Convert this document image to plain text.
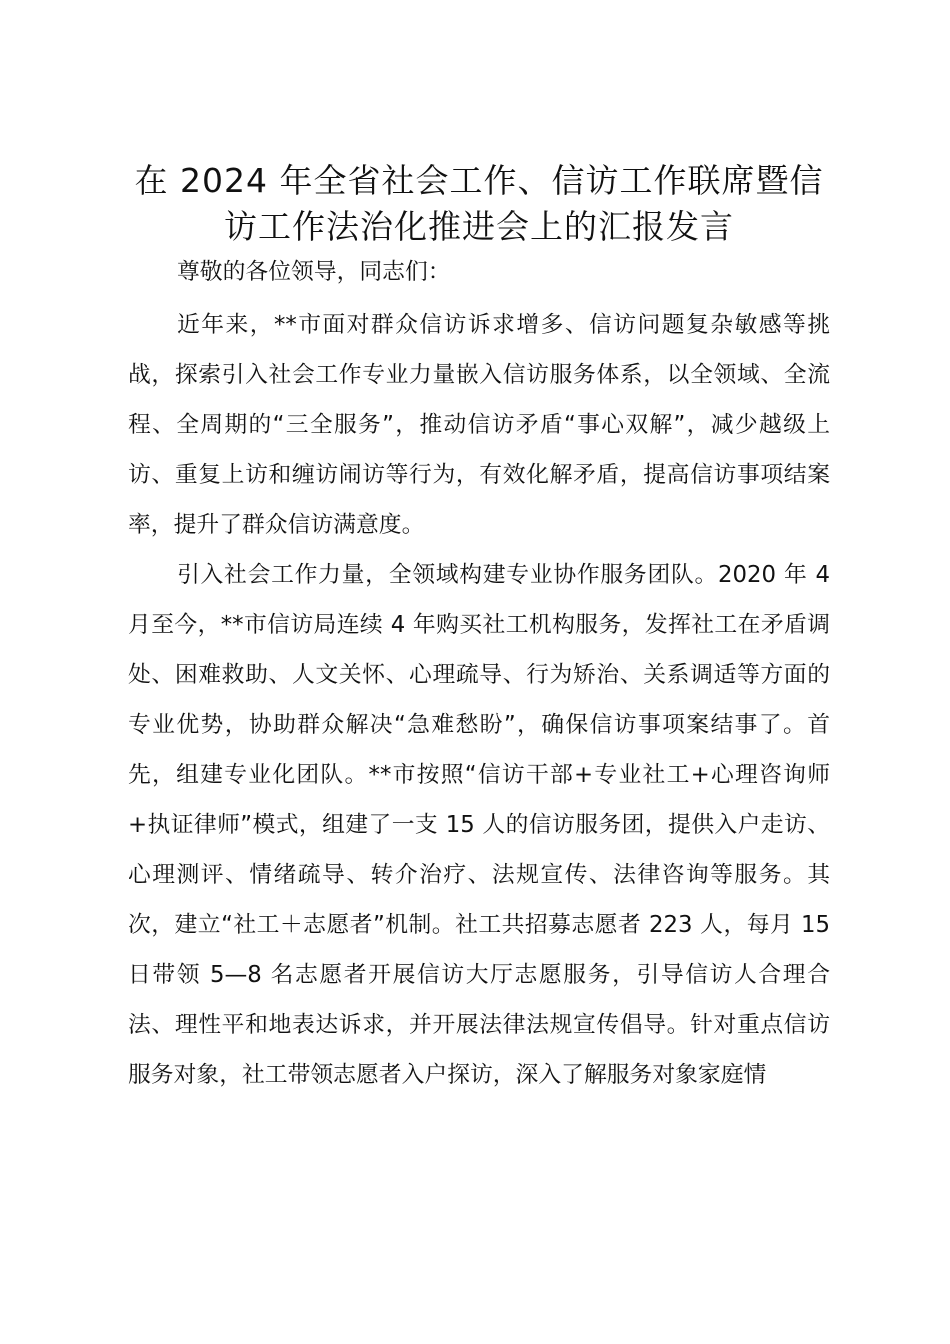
在 2024 年全省社会工作、信访工作联席暨信
访工作法治化推进会上的汇报发言

尊敬的各位领导，同志们：

近年来，**市面对群众信访诉求增多、信访问题复杂敏感等挑战，探索引入社会工作专业力量嵌入信访服务体系，以全领域、全流程、全周期的“三全服务”，推动信访矛盾“事心双解”，减少越级上访、重复上访和缠访闹访等行为，有效化解矛盾，提高信访事项结案率，提升了群众信访满意度。

引入社会工作力量，全领域构建专业协作服务团队。2020 年 4 月至今，**市信访局连续 4 年购买社工机构服务，发挥社工在矛盾调处、困难救助、人文关怀、心理疏导、行为矫治、关系调适等方面的专业优势，协助群众解决“急难愁盼”，确保信访事项案结事了。首先，组建专业化团队。**市按照“信访干部+专业社工+心理咨询师+执证律师”模式，组建了一支 15 人的信访服务团，提供入户走访、心理测评、情绪疏导、转介治疗、法规宣传、法律咨询等服务。其次，建立“社工＋志愿者”机制。社工共招募志愿者 223 人，每月 15 日带领 5—8 名志愿者开展信访大厅志愿服务，引导信访人合理合法、理性平和地表达诉求，并开展法律法规宣传倡导。针对重点信访服务对象，社工带领志愿者入户探访，深入了解服务对象家庭情
